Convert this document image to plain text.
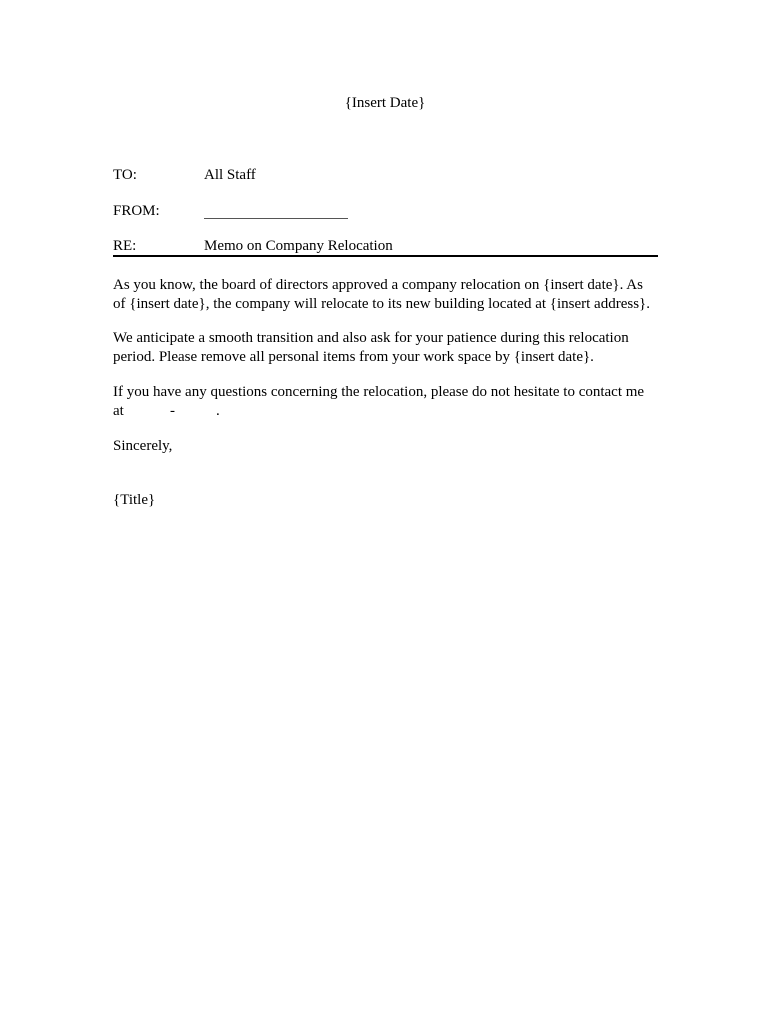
{Insert Date}
TO:	All Staff
FROM:
RE:	Memo on Company Relocation
As you know, the board of directors approved a company relocation on {insert date}. As
of {insert date}, the company will relocate to its new building located at {insert address}.
We anticipate a smooth transition and also ask for your patience during this relocation
period. Please remove all personal items from your work space by {insert date}.
If you have any questions concerning the relocation, please do not hesitate to contact me
at	-	.
Sincerely,
{Title}
